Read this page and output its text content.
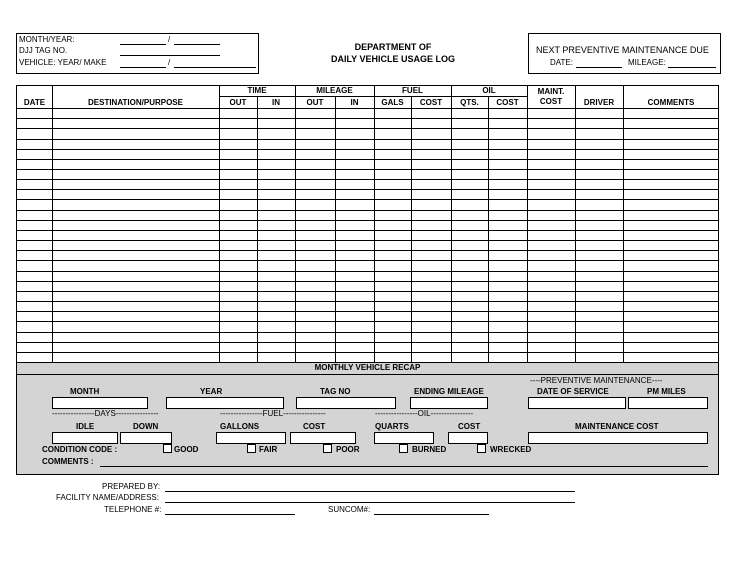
MONTH/YEAR:	/
DJJ TAG NO.
VEHICLE: YEAR/ MAKE	/
DEPARTMENT OF
DAILY VEHICLE USAGE LOG
NEXT PREVENTIVE MAINTENANCE DUE
DATE:	MILEAGE:
DATE	DESTINATION/PURPOSE
TIME
OUT	IN
MILEAGE
OUT	IN
FUEL
GALS	COST
OIL
QTS.	COST
MAINT.
COST	DRIVER	COMMENTS
MONTHLY VEHICLE RECAP
MONTH	YEAR	TAG NO	ENDING MILEAGE
----PREVENTIVE MAINTENANCE----
DATE OF SERVICE	PM MILES
----------------DAYS----------------	----------------FUEL----------------	----------------OIL----------------
IDLE	DOWN	GALLONS	COST	QUARTS	COST	MAINTENANCE COST
CONDITION CODE :	GOOD	FAIR	POOR	BURNED	WRECKED
COMMENTS :
PREPARED BY:
FACILITY NAME/ADDRESS:
TELEPHONE #:	SUNCOM#:
